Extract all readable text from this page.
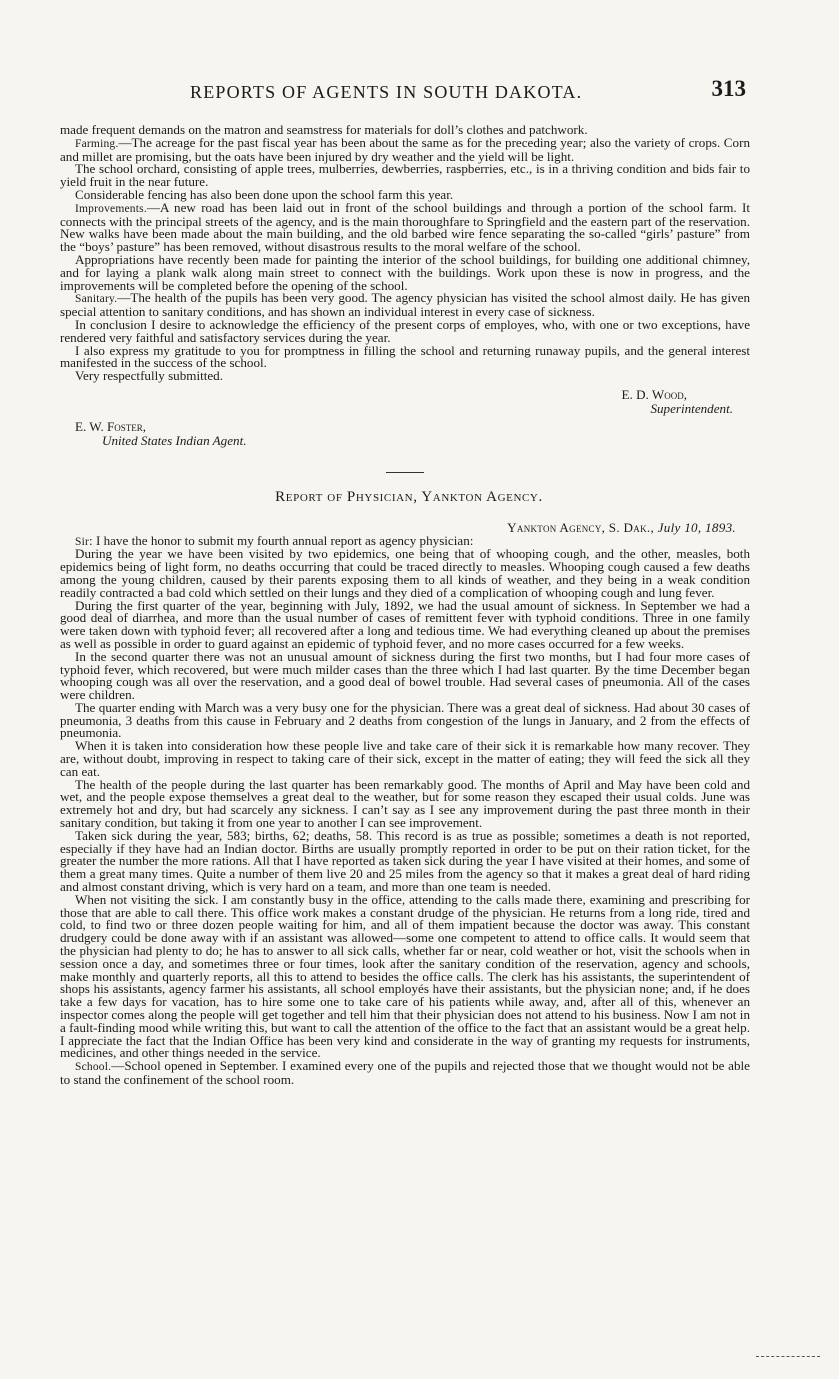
REPORTS OF AGENTS IN SOUTH DAKOTA.	313

made frequent demands on the matron and seamstress for materials for doll’s clothes and patchwork.

Farming.—The acreage for the past fiscal year has been about the same as for the preceding year; also the variety of crops. Corn and millet are promising, but the oats have been injured by dry weather and the yield will be light.

The school orchard, consisting of apple trees, mulberries, dewberries, raspberries, etc., is in a thriving condition and bids fair to yield fruit in the near future.

Considerable fencing has also been done upon the school farm this year.

Improvements.—A new road has been laid out in front of the school buildings and through a portion of the school farm. It connects with the principal streets of the agency, and is the main thoroughfare to Springfield and the eastern part of the reservation. New walks have been made about the main building, and the old barbed wire fence separating the so-called “girls’ pasture” from the “boys’ pasture” has been removed, without disastrous results to the moral welfare of the school.

Appropriations have recently been made for painting the interior of the school buildings, for building one additional chimney, and for laying a plank walk along main street to connect with the buildings. Work upon these is now in progress, and the improvements will be completed before the opening of the school.

Sanitary.—The health of the pupils has been very good. The agency physician has visited the school almost daily. He has given special attention to sanitary conditions, and has shown an individual interest in every case of sickness.

In conclusion I desire to acknowledge the efficiency of the present corps of employes, who, with one or two exceptions, have rendered very faithful and satisfactory services during the year.

I also express my gratitude to you for promptness in filling the school and returning runaway pupils, and the general interest manifested in the success of the school.

Very respectfully submitted.

E. D. Wood,
Superintendent.
E. W. Foster,
United States Indian Agent.
Report of Physician, Yankton Agency.
Yankton Agency, S. Dak., July 10, 1893.

Sir: I have the honor to submit my fourth annual report as agency physician:

During the year we have been visited by two epidemics, one being that of whooping cough, and the other, measles, both epidemics being of light form, no deaths occurring that could be traced directly to measles. Whooping cough caused a few deaths among the young children, caused by their parents exposing them to all kinds of weather, and they being in a weak condition readily contracted a bad cold which settled on their lungs and they died of a complication of whooping cough and lung fever.

During the first quarter of the year, beginning with July, 1892, we had the usual amount of sickness. In September we had a good deal of diarrhea, and more than the usual number of cases of remittent fever with typhoid conditions. Three in one family were taken down with typhoid fever; all recovered after a long and tedious time. We had everything cleaned up about the premises as well as possible in order to guard against an epidemic of typhoid fever, and no more cases occurred for a few weeks.

In the second quarter there was not an unusual amount of sickness during the first two months, but I had four more cases of typhoid fever, which recovered, but were much milder cases than the three which I had last quarter. By the time December began whooping cough was all over the reservation, and a good deal of bowel trouble. Had several cases of pneumonia. All of the cases were children.

The quarter ending with March was a very busy one for the physician. There was a great deal of sickness. Had about 30 cases of pneumonia, 3 deaths from this cause in February and 2 deaths from congestion of the lungs in January, and 2 from the effects of pneumonia.

When it is taken into consideration how these people live and take care of their sick it is remarkable how many recover. They are, without doubt, improving in respect to taking care of their sick, except in the matter of eating; they will feed the sick all they can eat.

The health of the people during the last quarter has been remarkably good. The months of April and May have been cold and wet, and the people expose themselves a great deal to the weather, but for some reason they escaped their usual colds. June was extremely hot and dry, but had scarcely any sickness. I can’t say as I see any improvement during the past three month in their sanitary condition, but taking it from one year to another I can see improvement.

Taken sick during the year, 583; births, 62; deaths, 58. This record is as true as possible; sometimes a death is not reported, especially if they have had an Indian doctor. Births are usually promptly reported in order to be put on their ration ticket, for the greater the number the more rations. All that I have reported as taken sick during the year I have visited at their homes, and some of them a great many times. Quite a number of them live 20 and 25 miles from the agency so that it makes a great deal of hard riding and almost constant driving, which is very hard on a team, and more than one team is needed.

When not visiting the sick. I am constantly busy in the office, attending to the calls made there, examining and prescribing for those that are able to call there. This office work makes a constant drudge of the physician. He returns from a long ride, tired and cold, to find two or three dozen people waiting for him, and all of them impatient because the doctor was away. This constant drudgery could be done away with if an assistant was allowed—some one competent to attend to office calls. It would seem that the physician had plenty to do; he has to answer to all sick calls, whether far or near, cold weather or hot, visit the schools when in session once a day, and sometimes three or four times, look after the sanitary condition of the reservation, agency and schools, make monthly and quarterly reports, all this to attend to besides the office calls. The clerk has his assistants, the superintendent of shops his assistants, agency farmer his assistants, all school employés have their assistants, but the physician none; and, if he does take a few days for vacation, has to hire some one to take care of his patients while away, and, after all of this, whenever an inspector comes along the people will get together and tell him that their physician does not attend to his business. Now I am not in a fault-finding mood while writing this, but want to call the attention of the office to the fact that an assistant would be a great help. I appreciate the fact that the Indian Office has been very kind and considerate in the way of granting my requests for instruments, medicines, and other things needed in the service.

School.—School opened in September. I examined every one of the pupils and rejected those that we thought would not be able to stand the confinement of the school room.
